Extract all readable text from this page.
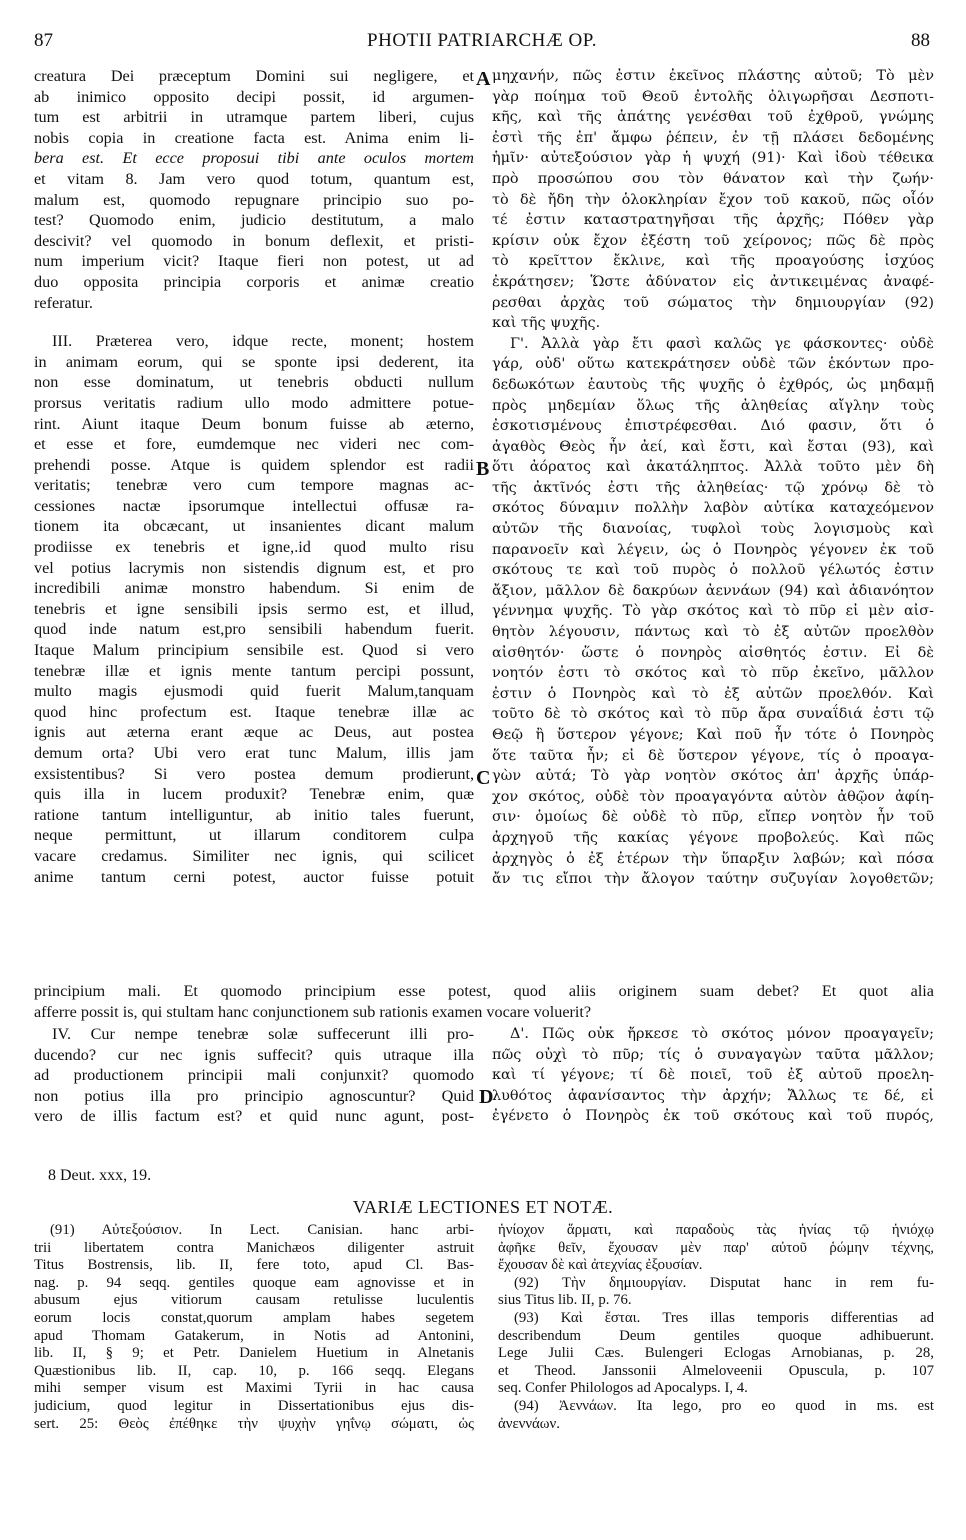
87	PHOTII PATRIARCHÆ OP.	88
creatura Dei præceptum Domini sui negligere, et
ab inimico opposito decipi possit, id argumen-
tum est arbitrii in utramque partem liberi, cujus
nobis copia in creatione facta est. Anima enim li-
bera est. Et ecce proposui tibi ante oculos mortem
et vitam 8. Jam vero quod totum, quantum est,
malum est, quomodo repugnare principio suo po-
test? Quomodo enim, judicio destitutum, a malo
descivit? vel quomodo in bonum deflexit, et pristi-
num imperium vicit? Itaque fieri non potest, ut ad
duo opposita principia corporis et animæ creatio
referatur.
III. Præterea vero, idque recte, monent; hostem
in animam eorum, qui se sponte ipsi dederent, ita
non esse dominatum, ut tenebris obducti nullum
prorsus veritatis radium ullo modo admittere potue-
rint. Aiunt itaque Deum bonum fuisse ab æterno,
et esse et fore, eumdemque nec videri nec com-
prehendi posse. Atque is quidem splendor est radii
veritatis; tenebræ vero cum tempore magnas ac-
cessiones nactæ ipsorumque intellectui offusæ ra-
tionem ita obcæcant, ut insanientes dicant malum
prodiisse ex tenebris et igne,.id quod multo risu
vel potius lacrymis non sistendis dignum est, et pro
incredibili animæ monstro habendum. Si enim de
tenebris et igne sensibili ipsis sermo est, et illud,
quod inde natum est,pro sensibili habendum fuerit.
Itaque Malum principium sensibile est. Quod si vero
tenebræ illæ et ignis mente tantum percipi possunt,
multo magis ejusmodi quid fuerit Malum,tanquam
quod hinc profectum est. Itaque tenebræ illæ ac
ignis aut æterna erant æque ac Deus, aut postea
demum orta? Ubi vero erat tunc Malum, illis jam
exsistentibus? Si vero postea demum prodierunt,
quis illa in lucem produxit? Tenebræ enim, quæ
ratione tantum intelliguntur, ab initio tales fuerunt,
neque permittunt, ut illarum conditorem culpa
vacare credamus. Similiter nec ignis, qui scilicet
anime tantum cerni potest, auctor fuisse potuit
μηχανήν, πῶς ἐστιν ἐκεῖνος πλάστης αὐτοῦ; Τὸ μὲν
γὰρ ποίημα τοῦ Θεοῦ ἐντολῆς ὀλιγωρῆσαι Δεσποτι-
κῆς, καὶ τῆς ἀπάτης γενέσθαι τοῦ ἐχθροῦ, γνώμης
ἐστὶ τῆς ἐπ' ἄμφω ῥέπειν, ἐν τῇ πλάσει δεδομένης
ἡμῖν· αὐτεξούσιον γὰρ ἡ ψυχή (91)· Καὶ ἰδοὺ τέθεικα
πρὸ προσώπου σου τὸν θάνατον καὶ τὴν ζωήν·
τὸ δὲ ἤδη τὴν ὁλοκληρίαν ἔχον τοῦ κακοῦ, πῶς οἷόν
τέ ἐστιν καταστρατηγῆσαι τῆς ἀρχῆς; Πόθεν γὰρ
κρίσιν οὐκ ἔχον ἐξέστη τοῦ χείρονος; πῶς δὲ πρὸς
τὸ κρεῖττον ἔκλινε, καὶ τῆς προαγούσης ἰσχύος
ἐκράτησεν; Ὥστε ἀδύνατον εἰς ἀντικειμένας ἀναφέ-
ρεσθαι ἀρχὰς τοῦ σώματος τὴν δημιουργίαν (92)
καὶ τῆς ψυχῆς.
Γ'. Ἀλλὰ γὰρ ἔτι φασὶ καλῶς γε φάσκοντες· οὐδὲ
γάρ, οὐδ' οὕτω κατεκράτησεν οὐδὲ τῶν ἑκόντων προ-
δεδωκότων ἑαυτοὺς τῆς ψυχῆς ὁ ἐχθρός, ὡς μηδαμῇ
πρὸς μηδεμίαν ὅλως τῆς ἀληθείας αἴγλην τοὺς
ἐσκοτισμένους ἐπιστρέφεσθαι. Διό φασιν, ὅτι ὁ
ἀγαθὸς Θεὸς ἦν ἀεί, καὶ ἔστι, καὶ ἔσται (93), καὶ
ὅτι ἀόρατος καὶ ἀκατάληπτος. Ἀλλὰ τοῦτο μὲν δὴ
τῆς ἀκτῖνός ἐστι τῆς ἀληθείας· τῷ χρόνῳ δὲ τὸ
σκότος δύναμιν πολλὴν λαβὸν αὐτίκα καταχεόμενον
αὐτῶν τῆς διανοίας, τυφλοὶ τοὺς λογισμοὺς καὶ
παρανοεῖν καὶ λέγειν, ὡς ὁ Πονηρὸς γέγονεν ἐκ τοῦ
σκότους τε καὶ τοῦ πυρὸς ὁ πολλοῦ γέλωτός ἐστιν
ἄξιον, μᾶλλον δὲ δακρύων ἀεννάων (94) καὶ ἀδιανόητον
γέννημα ψυχῆς. Τὸ γὰρ σκότος καὶ τὸ πῦρ εἰ μὲν αἰσ-
θητὸν λέγουσιν, πάντως καὶ τὸ ἐξ αὐτῶν προελθὸν
αἰσθητόν· ὥστε ὁ πονηρὸς αἰσθητός ἐστιν. Εἰ δὲ
νοητόν ἐστι τὸ σκότος καὶ τὸ πῦρ ἐκεῖνο, μᾶλλον
ἐστιν ὁ Πονηρὸς καὶ τὸ ἐξ αὐτῶν προελθόν. Καὶ
τοῦτο δὲ τὸ σκότος καὶ τὸ πῦρ ἄρα συναΐδιά ἐστι τῷ
Θεῷ ἢ ὕστερον γέγονε; Καὶ ποῦ ἦν τότε ὁ Πονηρὸς
ὅτε ταῦτα ἦν; εἰ δὲ ὕστερον γέγονε, τίς ὁ προαγα-
γὼν αὐτά; Τὸ γὰρ νοητὸν σκότος ἀπ' ἀρχῆς ὑπάρ-
χον σκότος, οὐδὲ τὸν προαγαγόντα αὐτὸν ἀθῷον ἀφίη-
σιν· ὁμοίως δὲ οὐδὲ τὸ πῦρ, εἴπερ νοητὸν ἦν τοῦ
ἀρχηγοῦ τῆς κακίας γέγονε προβολεύς. Καὶ πῶς
ἀρχηγὸς ὁ ἐξ ἑτέρων τὴν ὕπαρξιν λαβών; καὶ πόσα
ἄν τις εἴποι τὴν ἄλογον ταύτην συζυγίαν λογοθετῶν;
A
B
C
D
principium mali. Et quomodo principium esse potest, quod aliis originem suam debet? Et quot alia
afferre possit is, qui stultam hanc conjunctionem sub rationis examen vocare voluerit?
IV. Cur nempe tenebræ solæ suffecerunt illi pro-
ducendo? cur nec ignis suffecit? quis utraque illa
ad productionem principii mali conjunxit? quomodo
non potius illa pro principio agnoscuntur? Quid
vero de illis factum est? et quid nunc agunt, post-
Δ'. Πῶς οὐκ ἤρκεσε τὸ σκότος μόνον προαγαγεῖν;
πῶς οὐχὶ τὸ πῦρ; τίς ὁ συναγαγὼν ταῦτα μᾶλλον;
καὶ τί γέγονε; τί δὲ ποιεῖ, τοῦ ἐξ αὐτοῦ προελη-
λυθότος ἀφανίσαντος τὴν ἀρχήν; Ἄλλως τε δέ, εἰ
ἐγένετο ὁ Πονηρὸς ἐκ τοῦ σκότους καὶ τοῦ πυρός,
8 Deut. xxx, 19.
VARIÆ LECTIONES ET NOTÆ.
(91) Αὐτεξούσιον. In Lect. Canisian. hanc arbi-
trii libertatem contra Manichæos diligenter astruit
Titus Bostrensis, lib. II, fere toto, apud Cl. Bas-
nag. p. 94 seqq. gentiles quoque eam agnovisse et in
abusum ejus vitiorum causam retulisse luculentis
eorum locis constat,quorum amplam habes segetem
apud Thomam Gatakerum, in Notis ad Antonini,
lib. II, § 9; et Petr. Danielem Huetium in Alnetanis
Quæstionibus lib. II, cap. 10, p. 166 seqq. Elegans
mihi semper visum est Maximi Tyrii in hac causa
judicium, quod legitur in Dissertationibus ejus dis-
sert. 25: Θεὸς ἐπέθηκε τὴν ψυχὴν γηΐνῳ σώματι, ὡς
ἡνίοχον ἅρματι, καὶ παραδοὺς τὰς ἡνίας τῷ ἡνιόχῳ
ἀφῆκε θεῖν, ἔχουσαν μὲν παρ' αὐτοῦ ῥώμην τέχνης,
ἔχουσαν δὲ καὶ ἀτεχνίας ἐξουσίαν.
(92) Τὴν δημιουργίαν. Disputat hanc in rem fu-
sius Titus lib. II, p. 76.
(93) Καὶ ἔσται. Tres illas temporis differentias ad
describendum Deum gentiles quoque adhibuerunt.
Lege Julii Cæs. Bulengeri Eclogas Arnobianas, p. 28,
et Theod. Janssonii Almeloveenii Opuscula, p. 107
seq. Confer Philologos ad Apocalyps. I, 4.
(94) Ἀεννάων. Ita lego, pro eo quod in ms. est
ἀνεννάων.
